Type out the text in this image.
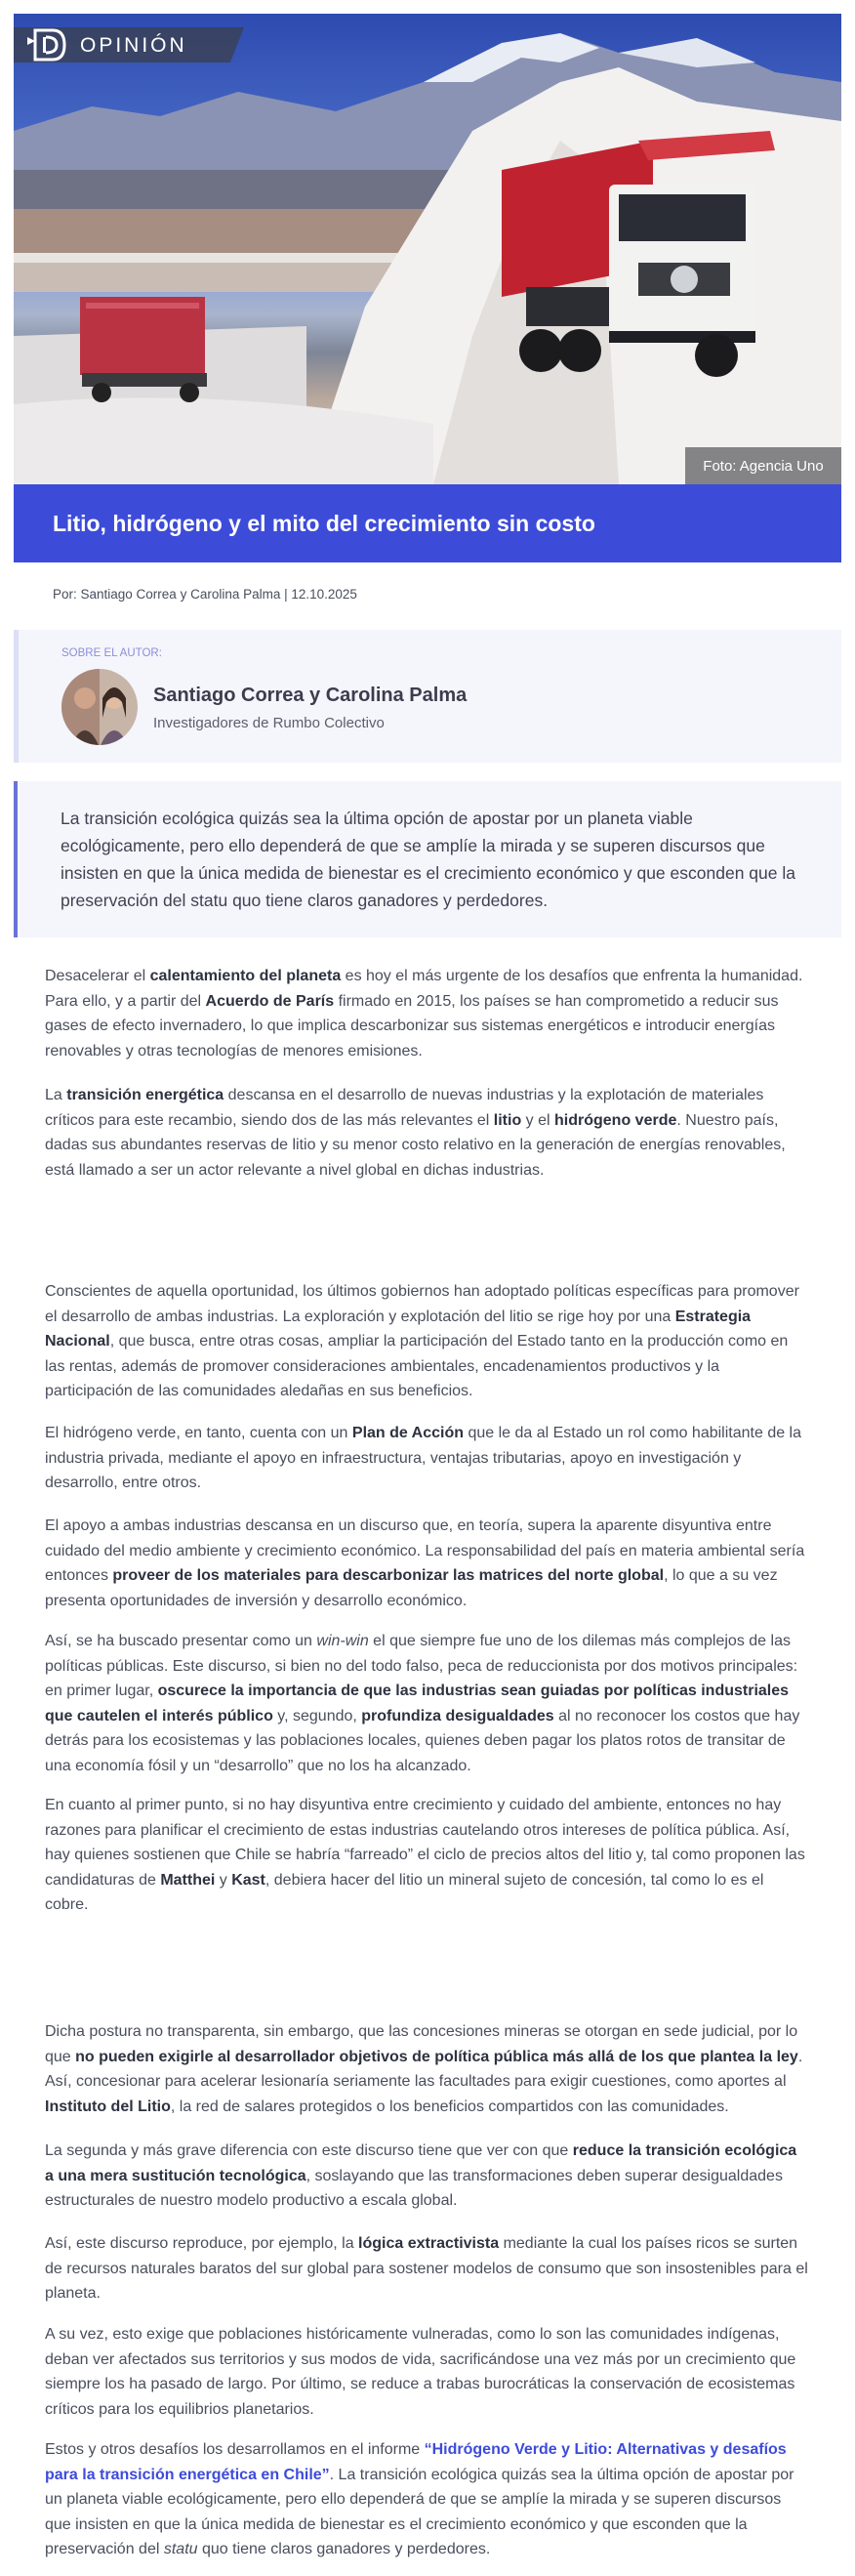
OPINIÓN
Foto: Agencia Uno
Litio, hidrógeno y el mito del crecimiento sin costo
Por: Santiago Correa y Carolina Palma | 12.10.2025
SOBRE EL AUTOR:
Santiago Correa y Carolina Palma
Investigadores de Rumbo Colectivo

La transición ecológica quizás sea la última opción de apostar por un planeta viable ecológicamente, pero ello dependerá de que se amplíe la mirada y se superen discursos que insisten en que la única medida de bienestar es el crecimiento económico y que esconden que la preservación del statu quo tiene claros ganadores y perdedores.

Desacelerar el calentamiento del planeta es hoy el más urgente de los desafíos que enfrenta la humanidad. Para ello, y a partir del Acuerdo de París firmado en 2015, los países se han comprometido a reducir sus gases de efecto invernadero, lo que implica descarbonizar sus sistemas energéticos e introducir energías renovables y otras tecnologías de menores emisiones.

La transición energética descansa en el desarrollo de nuevas industrias y la explotación de materiales críticos para este recambio, siendo dos de las más relevantes el litio y el hidrógeno verde. Nuestro país, dadas sus abundantes reservas de litio y su menor costo relativo en la generación de energías renovables, está llamado a ser un actor relevante a nivel global en dichas industrias.

Conscientes de aquella oportunidad, los últimos gobiernos han adoptado políticas específicas para promover el desarrollo de ambas industrias. La exploración y explotación del litio se rige hoy por una Estrategia Nacional, que busca, entre otras cosas, ampliar la participación del Estado tanto en la producción como en las rentas, además de promover consideraciones ambientales, encadenamientos productivos y la participación de las comunidades aledañas en sus beneficios.

El hidrógeno verde, en tanto, cuenta con un Plan de Acción que le da al Estado un rol como habilitante de la industria privada, mediante el apoyo en infraestructura, ventajas tributarias, apoyo en investigación y desarrollo, entre otros.

El apoyo a ambas industrias descansa en un discurso que, en teoría, supera la aparente disyuntiva entre cuidado del medio ambiente y crecimiento económico. La responsabilidad del país en materia ambiental sería entonces proveer de los materiales para descarbonizar las matrices del norte global, lo que a su vez presenta oportunidades de inversión y desarrollo económico.

Así, se ha buscado presentar como un win-win el que siempre fue uno de los dilemas más complejos de las políticas públicas. Este discurso, si bien no del todo falso, peca de reduccionista por dos motivos principales: en primer lugar, oscurece la importancia de que las industrias sean guiadas por políticas industriales que cautelen el interés público y, segundo, profundiza desigualdades al no reconocer los costos que hay detrás para los ecosistemas y las poblaciones locales, quienes deben pagar los platos rotos de transitar de una economía fósil y un “desarrollo” que no los ha alcanzado.

En cuanto al primer punto, si no hay disyuntiva entre crecimiento y cuidado del ambiente, entonces no hay razones para planificar el crecimiento de estas industrias cautelando otros intereses de política pública. Así, hay quienes sostienen que Chile se habría “farreado” el ciclo de precios altos del litio y, tal como proponen las candidaturas de Matthei y Kast, debiera hacer del litio un mineral sujeto de concesión, tal como lo es el cobre.

Dicha postura no transparenta, sin embargo, que las concesiones mineras se otorgan en sede judicial, por lo que no pueden exigirle al desarrollador objetivos de política pública más allá de los que plantea la ley. Así, concesionar para acelerar lesionaría seriamente las facultades para exigir cuestiones, como aportes al Instituto del Litio, la red de salares protegidos o los beneficios compartidos con las comunidades.

La segunda y más grave diferencia con este discurso tiene que ver con que reduce la transición ecológica a una mera sustitución tecnológica, soslayando que las transformaciones deben superar desigualdades estructurales de nuestro modelo productivo a escala global.

Así, este discurso reproduce, por ejemplo, la lógica extractivista mediante la cual los países ricos se surten de recursos naturales baratos del sur global para sostener modelos de consumo que son insostenibles para el planeta.

A su vez, esto exige que poblaciones históricamente vulneradas, como lo son las comunidades indígenas, deban ver afectados sus territorios y sus modos de vida, sacrificándose una vez más por un crecimiento que siempre los ha pasado de largo. Por último, se reduce a trabas burocráticas la conservación de ecosistemas críticos para los equilibrios planetarios.

Estos y otros desafíos los desarrollamos en el informe “Hidrógeno Verde y Litio: Alternativas y desafíos para la transición energética en Chile”. La transición ecológica quizás sea la última opción de apostar por un planeta viable ecológicamente, pero ello dependerá de que se amplíe la mirada y se superen discursos que insisten en que la única medida de bienestar es el crecimiento económico y que esconden que la preservación del statu quo tiene claros ganadores y perdedores.
